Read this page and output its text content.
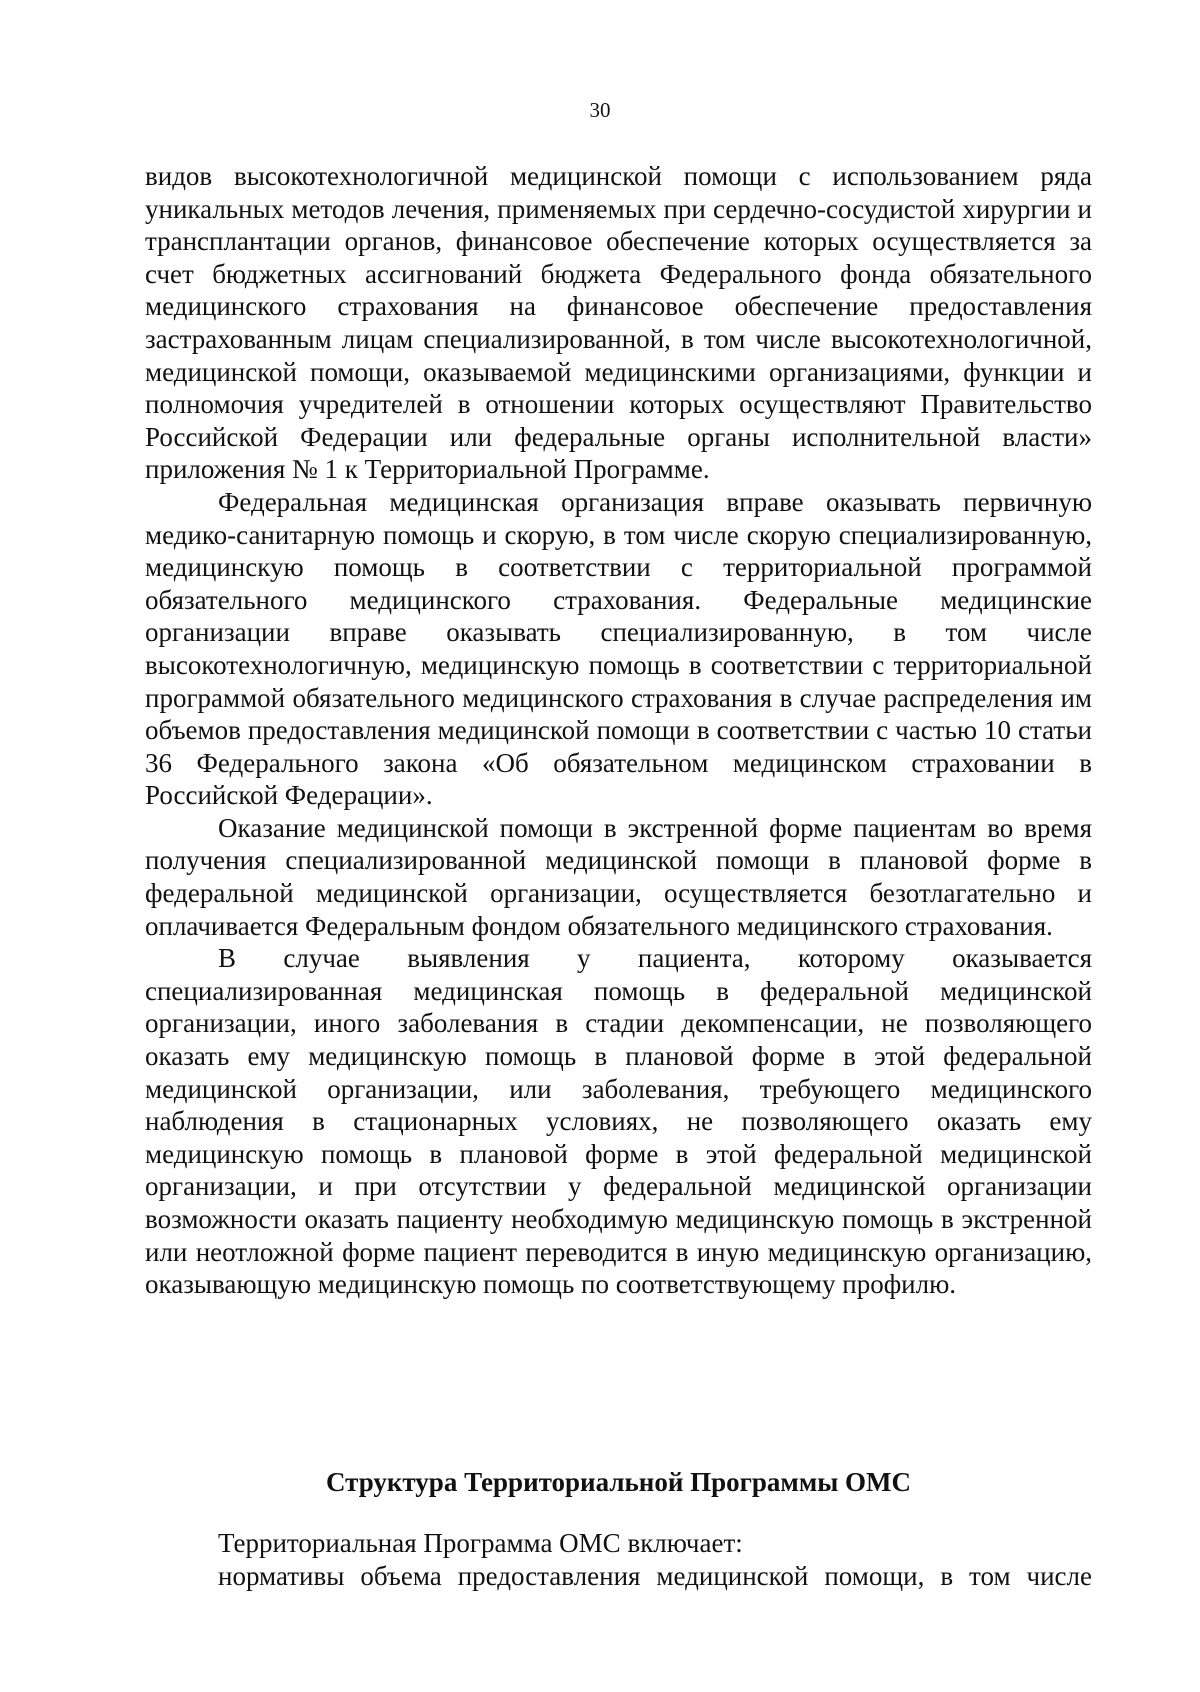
30

видов высокотехнологичной медицинской помощи с использованием ряда уникальных методов лечения, применяемых при сердечно-сосудистой хирургии и трансплантации органов, финансовое обеспечение которых осуществляется за счет бюджетных ассигнований бюджета Федерального фонда обязательного медицинского страхования на финансовое обеспечение предоставления застрахованным лицам специализированной, в том числе высокотехнологичной, медицинской помощи, оказываемой медицинскими организациями, функции и полномочия учредителей в отношении которых осуществляют Правительство Российской Федерации или федеральные органы исполнительной власти» приложения № 1 к Территориальной Программе.

Федеральная медицинская организация вправе оказывать первичную медико-санитарную помощь и скорую, в том числе скорую специализированную, медицинскую помощь в соответствии с территориальной программой обязательного медицинского страхования. Федеральные медицинские организации вправе оказывать специализированную, в том числе высокотехнологичную, медицинскую помощь в соответствии с территориальной программой обязательного медицинского страхования в случае распределения им объемов предоставления медицинской помощи в соответствии с частью 10 статьи 36 Федерального закона «Об обязательном медицинском страховании в Российской Федерации».

Оказание медицинской помощи в экстренной форме пациентам во время получения специализированной медицинской помощи в плановой форме в федеральной медицинской организации, осуществляется безотлагательно и оплачивается Федеральным фондом обязательного медицинского страхования.

В случае выявления у пациента, которому оказывается специализированная медицинская помощь в федеральной медицинской организации, иного заболевания в стадии декомпенсации, не позволяющего оказать ему медицинскую помощь в плановой форме в этой федеральной медицинской организации, или заболевания, требующего медицинского наблюдения в стационарных условиях, не позволяющего оказать ему медицинскую помощь в плановой форме в этой федеральной медицинской организации, и при отсутствии у федеральной медицинской организации возможности оказать пациенту необходимую медицинскую помощь в экстренной или неотложной форме пациент переводится в иную медицинскую организацию, оказывающую медицинскую помощь по соответствующему профилю.

Структура Территориальной Программы ОМС

Территориальная Программа ОМС включает:

нормативы объема предоставления медицинской помощи, в том числе
